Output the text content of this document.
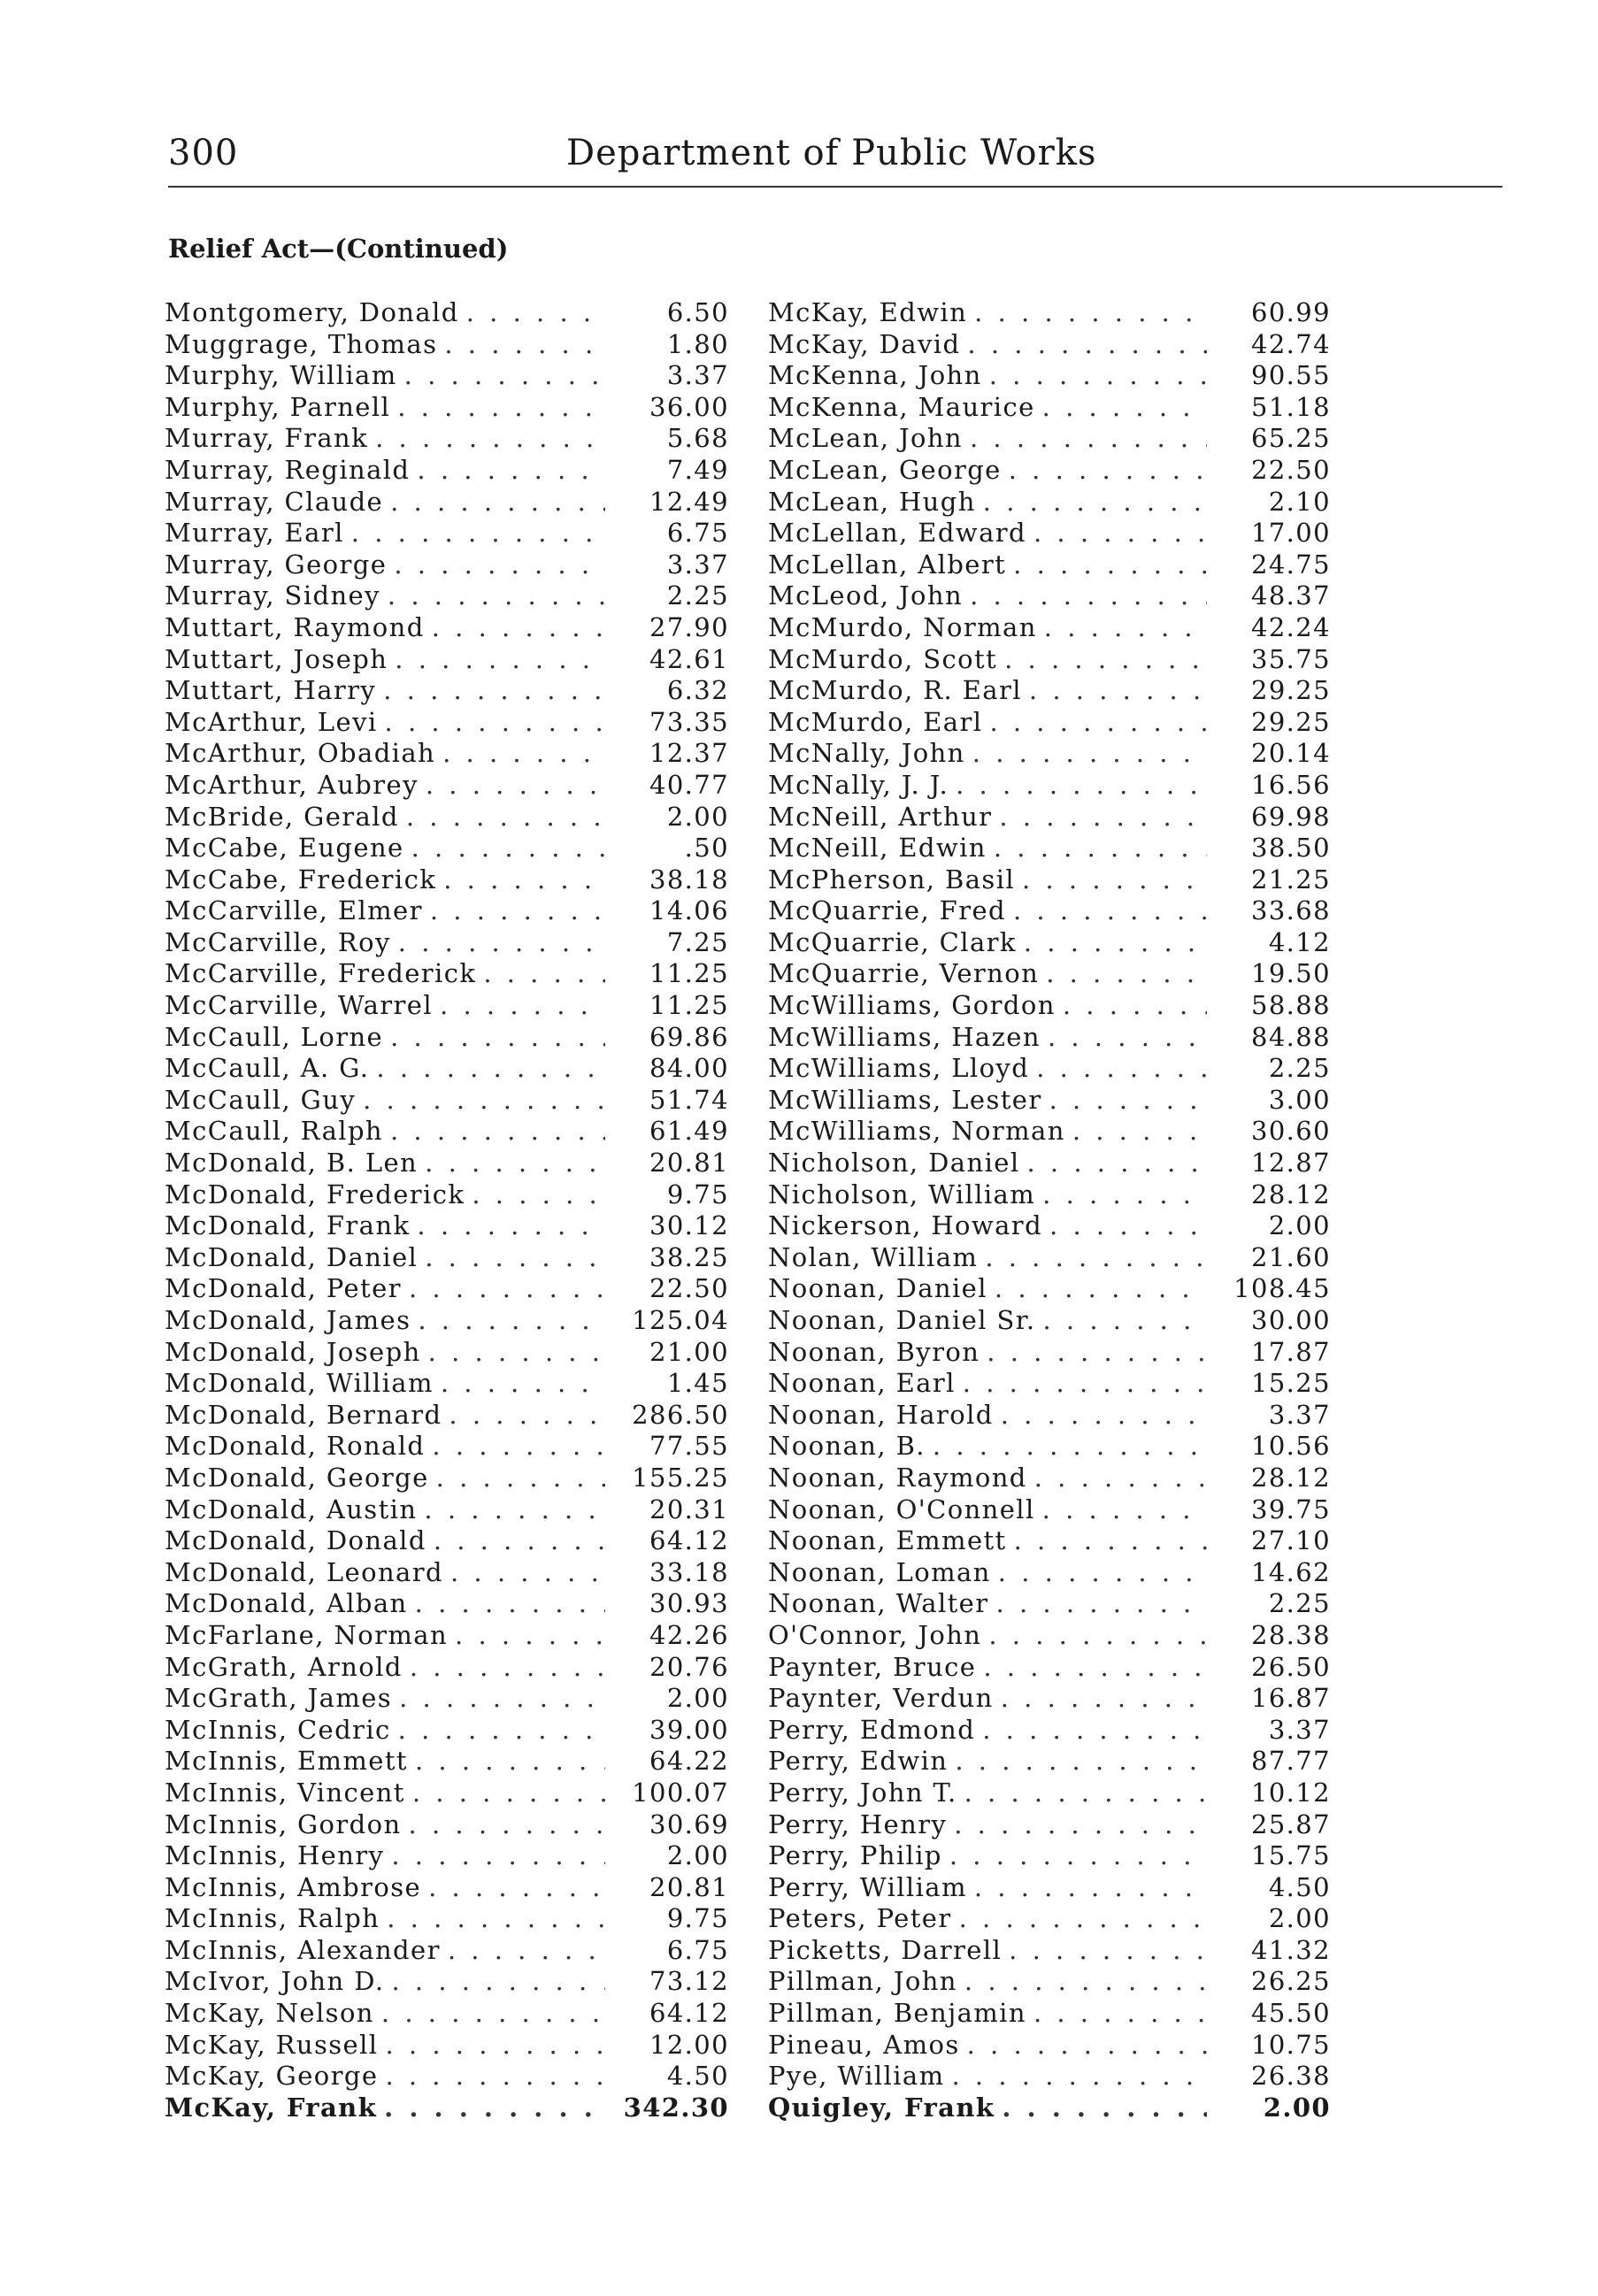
300	Department of Public Works
Relief Act—(Continued)
Montgomery, Donald . . .	6.50
Muggrage, Thomas . . .	1.80
Murphy, William . . .	3.37
Murphy, Parnell . . .	36.00
Murray, Frank . . .	5.68
Murray, Reginald . . .	7.49
Murray, Claude . . .	12.49
Murray, Earl . . .	6.75
Murray, George . . .	3.37
Murray, Sidney . . .	2.25
Muttart, Raymond . . .	27.90
Muttart, Joseph . . .	42.61
Muttart, Harry . . .	6.32
McArthur, Levi . . .	73.35
McArthur, Obadiah . . .	12.37
McArthur, Aubrey . . .	40.77
McBride, Gerald . . .	2.00
McCabe, Eugene . . .	.50
McCabe, Frederick . . .	38.18
McCarville, Elmer . . .	14.06
McCarville, Roy . . .	7.25
McCarville, Frederick . . .	11.25
McCarville, Warrel . . .	11.25
McCaull, Lorne . . .	69.86
McCaull, A. G. . . .	84.00
McCaull, Guy . . .	51.74
McCaull, Ralph . . .	61.49
McDonald, B. Len . . .	20.81
McDonald, Frederick . . .	9.75
McDonald, Frank . . .	30.12
McDonald, Daniel . . .	38.25
McDonald, Peter . . .	22.50
McDonald, James . . .	125.04
McDonald, Joseph . . .	21.00
McDonald, William . . .	1.45
McDonald, Bernard . . .	286.50
McDonald, Ronald . . .	77.55
McDonald, George . . .	155.25
McDonald, Austin . . .	20.31
McDonald, Donald . . .	64.12
McDonald, Leonard . . .	33.18
McDonald, Alban . . .	30.93
McFarlane, Norman . . .	42.26
McGrath, Arnold . . .	20.76
McGrath, James . . .	2.00
McInnis, Cedric . . .	39.00
McInnis, Emmett . . .	64.22
McInnis, Vincent . . .	100.07
McInnis, Gordon . . .	30.69
McInnis, Henry . . .	2.00
McInnis, Ambrose . . .	20.81
McInnis, Ralph . . .	9.75
McInnis, Alexander . . .	6.75
McIvor, John D. . . .	73.12
McKay, Nelson . . .	64.12
McKay, Russell . . .	12.00
McKay, George . . .	4.50
McKay, Frank . . .	342.30
McKay, Edwin . . .	60.99
McKay, David . . .	42.74
McKenna, John . . .	90.55
McKenna, Maurice . . .	51.18
McLean, John . . .	65.25
McLean, George . . .	22.50
McLean, Hugh . . .	2.10
McLellan, Edward . . .	17.00
McLellan, Albert . . .	24.75
McLeod, John . . .	48.37
McMurdo, Norman . . .	42.24
McMurdo, Scott . . .	35.75
McMurdo, R. Earl . . .	29.25
McMurdo, Earl . . .	29.25
McNally, John . . .	20.14
McNally, J. J. . . .	16.56
McNeill, Arthur . . .	69.98
McNeill, Edwin . . .	38.50
McPherson, Basil . . .	21.25
McQuarrie, Fred . . .	33.68
McQuarrie, Clark . . .	4.12
McQuarrie, Vernon . . .	19.50
McWilliams, Gordon . . .	58.88
McWilliams, Hazen . . .	84.88
McWilliams, Lloyd . . .	2.25
McWilliams, Lester . . .	3.00
McWilliams, Norman . . .	30.60
Nicholson, Daniel . . .	12.87
Nicholson, William . . .	28.12
Nickerson, Howard . . .	2.00
Nolan, William . . .	21.60
Noonan, Daniel . . .	108.45
Noonan, Daniel Sr. . . .	30.00
Noonan, Byron . . .	17.87
Noonan, Earl . . .	15.25
Noonan, Harold . . .	3.37
Noonan, B. . . .	10.56
Noonan, Raymond . . .	28.12
Noonan, O'Connell . . .	39.75
Noonan, Emmett . . .	27.10
Noonan, Loman . . .	14.62
Noonan, Walter . . .	2.25
O'Connor, John . . .	28.38
Paynter, Bruce . . .	26.50
Paynter, Verdun . . .	16.87
Perry, Edmond . . .	3.37
Perry, Edwin . . .	87.77
Perry, John T. . . .	10.12
Perry, Henry . . .	25.87
Perry, Philip . . .	15.75
Perry, William . . .	4.50
Peters, Peter . . .	2.00
Picketts, Darrell . . .	41.32
Pillman, John . . .	26.25
Pillman, Benjamin . . .	45.50
Pineau, Amos . . .	10.75
Pye, William . . .	26.38
Quigley, Frank . . .	2.00
